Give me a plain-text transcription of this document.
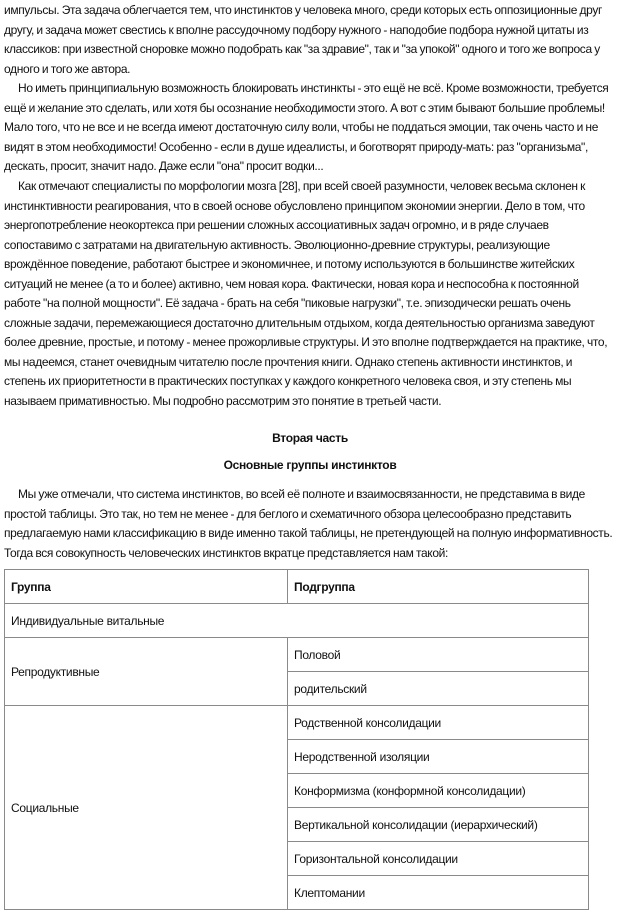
импульсы. Эта задача облегчается тем, что инстинктов у человека много, среди которых есть оппозиционные друг другу, и задача может свестись к вполне рассудочному подбору нужного - наподобие подбора нужной цитаты из классиков: при известной сноровке можно подобрать как "за здравие", так и "за упокой" одного и того же вопроса у одного и того же автора.

Но иметь принципиальную возможность блокировать инстинкты - это ещё не всё. Кроме возможности, требуется ещё и желание это сделать, или хотя бы осознание необходимости этого. А вот с этим бывают большие проблемы! Мало того, что не все и не всегда имеют достаточную силу воли, чтобы не поддаться эмоции, так очень часто и не видят в этом необходимости! Особенно - если в душе идеалисты, и боготворят природу-мать: раз "организьма", дескать, просит, значит надо. Даже если "она" просит водки...

Как отмечают специалисты по морфологии мозга [28], при всей своей разумности, человек весьма склонен к инстинктивности реагирования, что в своей основе обусловлено принципом экономии энергии. Дело в том, что энергопотребление неокортекса при решении сложных ассоциативных задач огромно, и в ряде случаев сопоставимо с затратами на двигательную активность. Эволюционно-древние структуры, реализующие врождённое поведение, работают быстрее и экономичнее, и потому используются в большинстве житейских ситуаций не менее (а то и более) активно, чем новая кора. Фактически, новая кора и неспособна к постоянной работе "на полной мощности". Её задача - брать на себя "пиковые нагрузки", т.е. эпизодически решать очень сложные задачи, перемежающиеся достаточно длительным отдыхом, когда деятельностью организма заведуют более древние, простые, и потому - менее прожорливые структуры. И это вполне подтверждается на практике, что, мы надеемся, станет очевидным читателю после прочтения книги. Однако степень активности инстинктов, и степень их приоритетности в практических поступках у каждого конкретного человека своя, и эту степень мы называем примативностью. Мы подробно рассмотрим это понятие в третьей части.

Вторая часть
Основные группы инстинктов

Мы уже отмечали, что система инстинктов, во всей её полноте и взаимосвязанности, не представима в виде простой таблицы. Это так, но тем не менее - для беглого и схематичного обзора целесообразно представить предлагаемую нами классификацию в виде именно такой таблицы, не претендующей на полную информативность. Тогда вся совокупность человеческих инстинктов вкратце представляется нам такой:

Группа	Подгруппа
Индивидуальные витальные	
Репродуктивные	Половой
	родительский
Социальные	Родственной консолидации
	Неродственной изоляции
	Конформизма (конформной консолидации)
	Вертикальной консолидации (иерархический)
	Горизонтальной консолидации
	Клептомании
